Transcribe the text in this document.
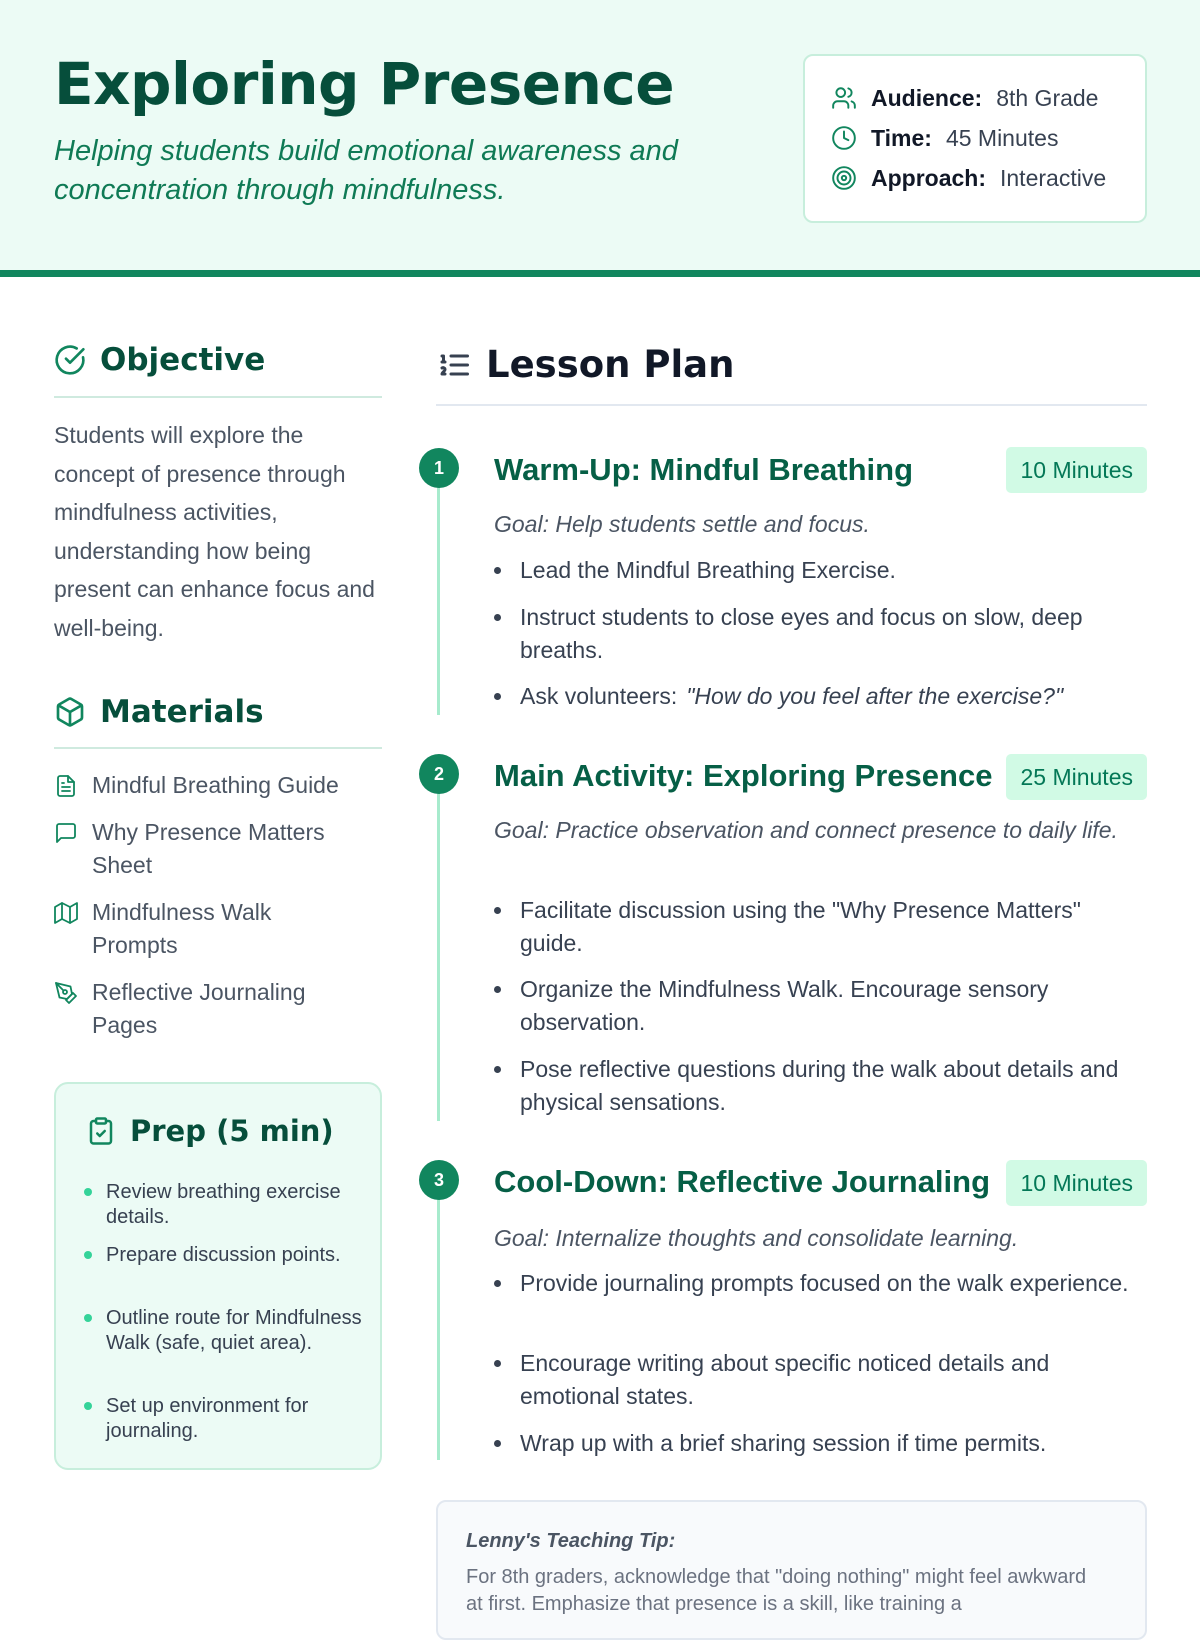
Exploring Presence

Helping students build emotional awareness and concentration through mindfulness.

Audience: 8th Grade
Time: 45 Minutes
Approach: Interactive
Objective

Students will explore the concept of presence through mindfulness activities, understanding how being present can enhance focus and well-being.

Materials
Mindful Breathing Guide
Why Presence Matters Sheet
Mindfulness Walk Prompts
Reflective Journaling Pages
Prep (5 min)
Review breathing exercise details.
Prepare discussion points.
Outline route for Mindfulness Walk (safe, quiet area).
Set up environment for journaling.
Lesson Plan
1	Warm-Up: Mindful Breathing	10 Minutes
Goal: Help students settle and focus.
Lead the Mindful Breathing Exercise.
Instruct students to close eyes and focus on slow, deep breaths.
Ask volunteers: "How do you feel after the exercise?"
2	Main Activity: Exploring Presence	25 Minutes
Goal: Practice observation and connect presence to daily life.
Facilitate discussion using the "Why Presence Matters" guide.
Organize the Mindfulness Walk. Encourage sensory observation.
Pose reflective questions during the walk about details and physical sensations.
3	Cool-Down: Reflective Journaling	10 Minutes
Goal: Internalize thoughts and consolidate learning.
Provide journaling prompts focused on the walk experience.
Encourage writing about specific noticed details and emotional states.
Wrap up with a brief sharing session if time permits.
Lenny's Teaching Tip:
For 8th graders, acknowledge that "doing nothing" might feel awkward at first. Emphasize that presence is a skill, like training a
